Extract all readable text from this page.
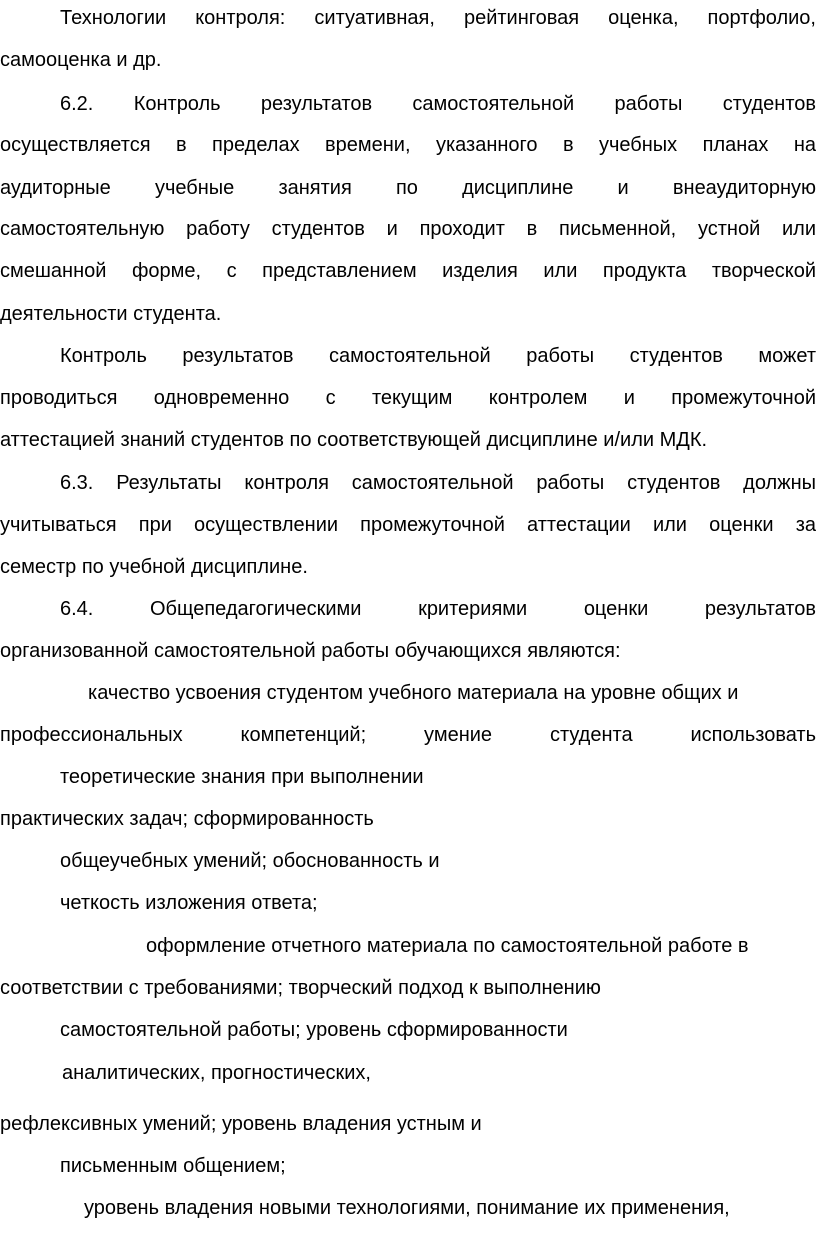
Технологии контроля: ситуативная, рейтинговая оценка, портфолио,
самооценка и др.
6.2. Контроль результатов самостоятельной работы студентов
осуществляется в пределах времени, указанного в учебных планах на
аудиторные учебные занятия по дисциплине и внеаудиторную
самостоятельную работу студентов и проходит в письменной, устной или
смешанной форме, с представлением изделия или продукта творческой
деятельности студента.
Контроль результатов самостоятельной работы студентов может
проводиться одновременно с текущим контролем и промежуточной
аттестацией знаний студентов по соответствующей дисциплине и/или МДК.
6.3. Результаты контроля самостоятельной работы студентов должны
учитываться при осуществлении промежуточной аттестации или оценки за
семестр по учебной дисциплине.
6.4. Общепедагогическими критериями оценки результатов
организованной самостоятельной работы обучающихся являются:
качество усвоения студентом учебного материала на уровне общих и
профессиональных компетенций; умение студента использовать
теоретические знания при выполнении
практических задач; сформированность
общеучебных умений; обоснованность и
четкость изложения ответа;
оформление отчетного материала по самостоятельной работе в
соответствии с требованиями; творческий подход к выполнению
самостоятельной работы; уровень сформированности
аналитических, прогностических,
рефлексивных умений; уровень владения устным и
письменным общением;
уровень владения новыми технологиями, понимание их применения,
